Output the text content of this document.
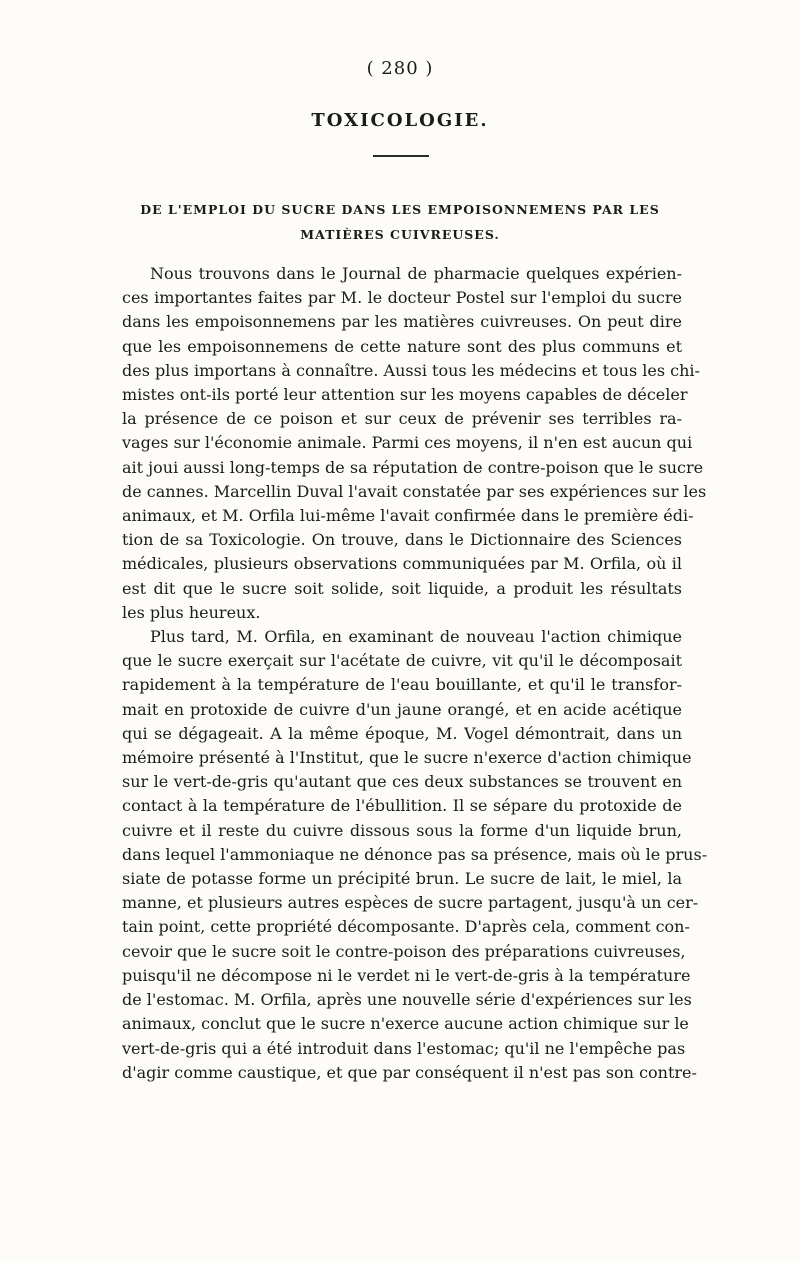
( 280 )
TOXICOLOGIE.
DE L'EMPLOI DU SUCRE DANS LES EMPOISONNEMENS PAR LES
MATIÈRES CUIVREUSES.
Nous trouvons dans le Journal de pharmacie quelques expérien-
ces importantes faites par M. le docteur Postel sur l'emploi du sucre
dans les empoisonnemens par les matières cuivreuses. On peut dire
que les empoisonnemens de cette nature sont des plus communs et
des plus importans à connaître. Aussi tous les médecins et tous les chi-
mistes ont-ils porté leur attention sur les moyens capables de déceler
la présence de ce poison et sur ceux de prévenir ses terribles ra-
vages sur l'économie animale. Parmi ces moyens, il n'en est aucun qui
ait joui aussi long-temps de sa réputation de contre-poison que le sucre
de cannes. Marcellin Duval l'avait constatée par ses expériences sur les
animaux, et M. Orfila lui-même l'avait confirmée dans le première édi-
tion de sa Toxicologie. On trouve, dans le Dictionnaire des Sciences
médicales, plusieurs observations communiquées par M. Orfila, où il
est dit que le sucre soit solide, soit liquide, a produit les résultats
les plus heureux.
Plus tard, M. Orfila, en examinant de nouveau l'action chimique
que le sucre exerçait sur l'acétate de cuivre, vit qu'il le décomposait
rapidement à la température de l'eau bouillante, et qu'il le transfor-
mait en protoxide de cuivre d'un jaune orangé, et en acide acétique
qui se dégageait. A la même époque, M. Vogel démontrait, dans un
mémoire présenté à l'Institut, que le sucre n'exerce d'action chimique
sur le vert-de-gris qu'autant que ces deux substances se trouvent en
contact à la température de l'ébullition. Il se sépare du protoxide de
cuivre et il reste du cuivre dissous sous la forme d'un liquide brun,
dans lequel l'ammoniaque ne dénonce pas sa présence, mais où le prus-
siate de potasse forme un précipité brun. Le sucre de lait, le miel, la
manne, et plusieurs autres espèces de sucre partagent, jusqu'à un cer-
tain point, cette propriété décomposante. D'après cela, comment con-
cevoir que le sucre soit le contre-poison des préparations cuivreuses,
puisqu'il ne décompose ni le verdet ni le vert-de-gris à la température
de l'estomac. M. Orfila, après une nouvelle série d'expériences sur les
animaux, conclut que le sucre n'exerce aucune action chimique sur le
vert-de-gris qui a été introduit dans l'estomac; qu'il ne l'empêche pas
d'agir comme caustique, et que par conséquent il n'est pas son contre-
